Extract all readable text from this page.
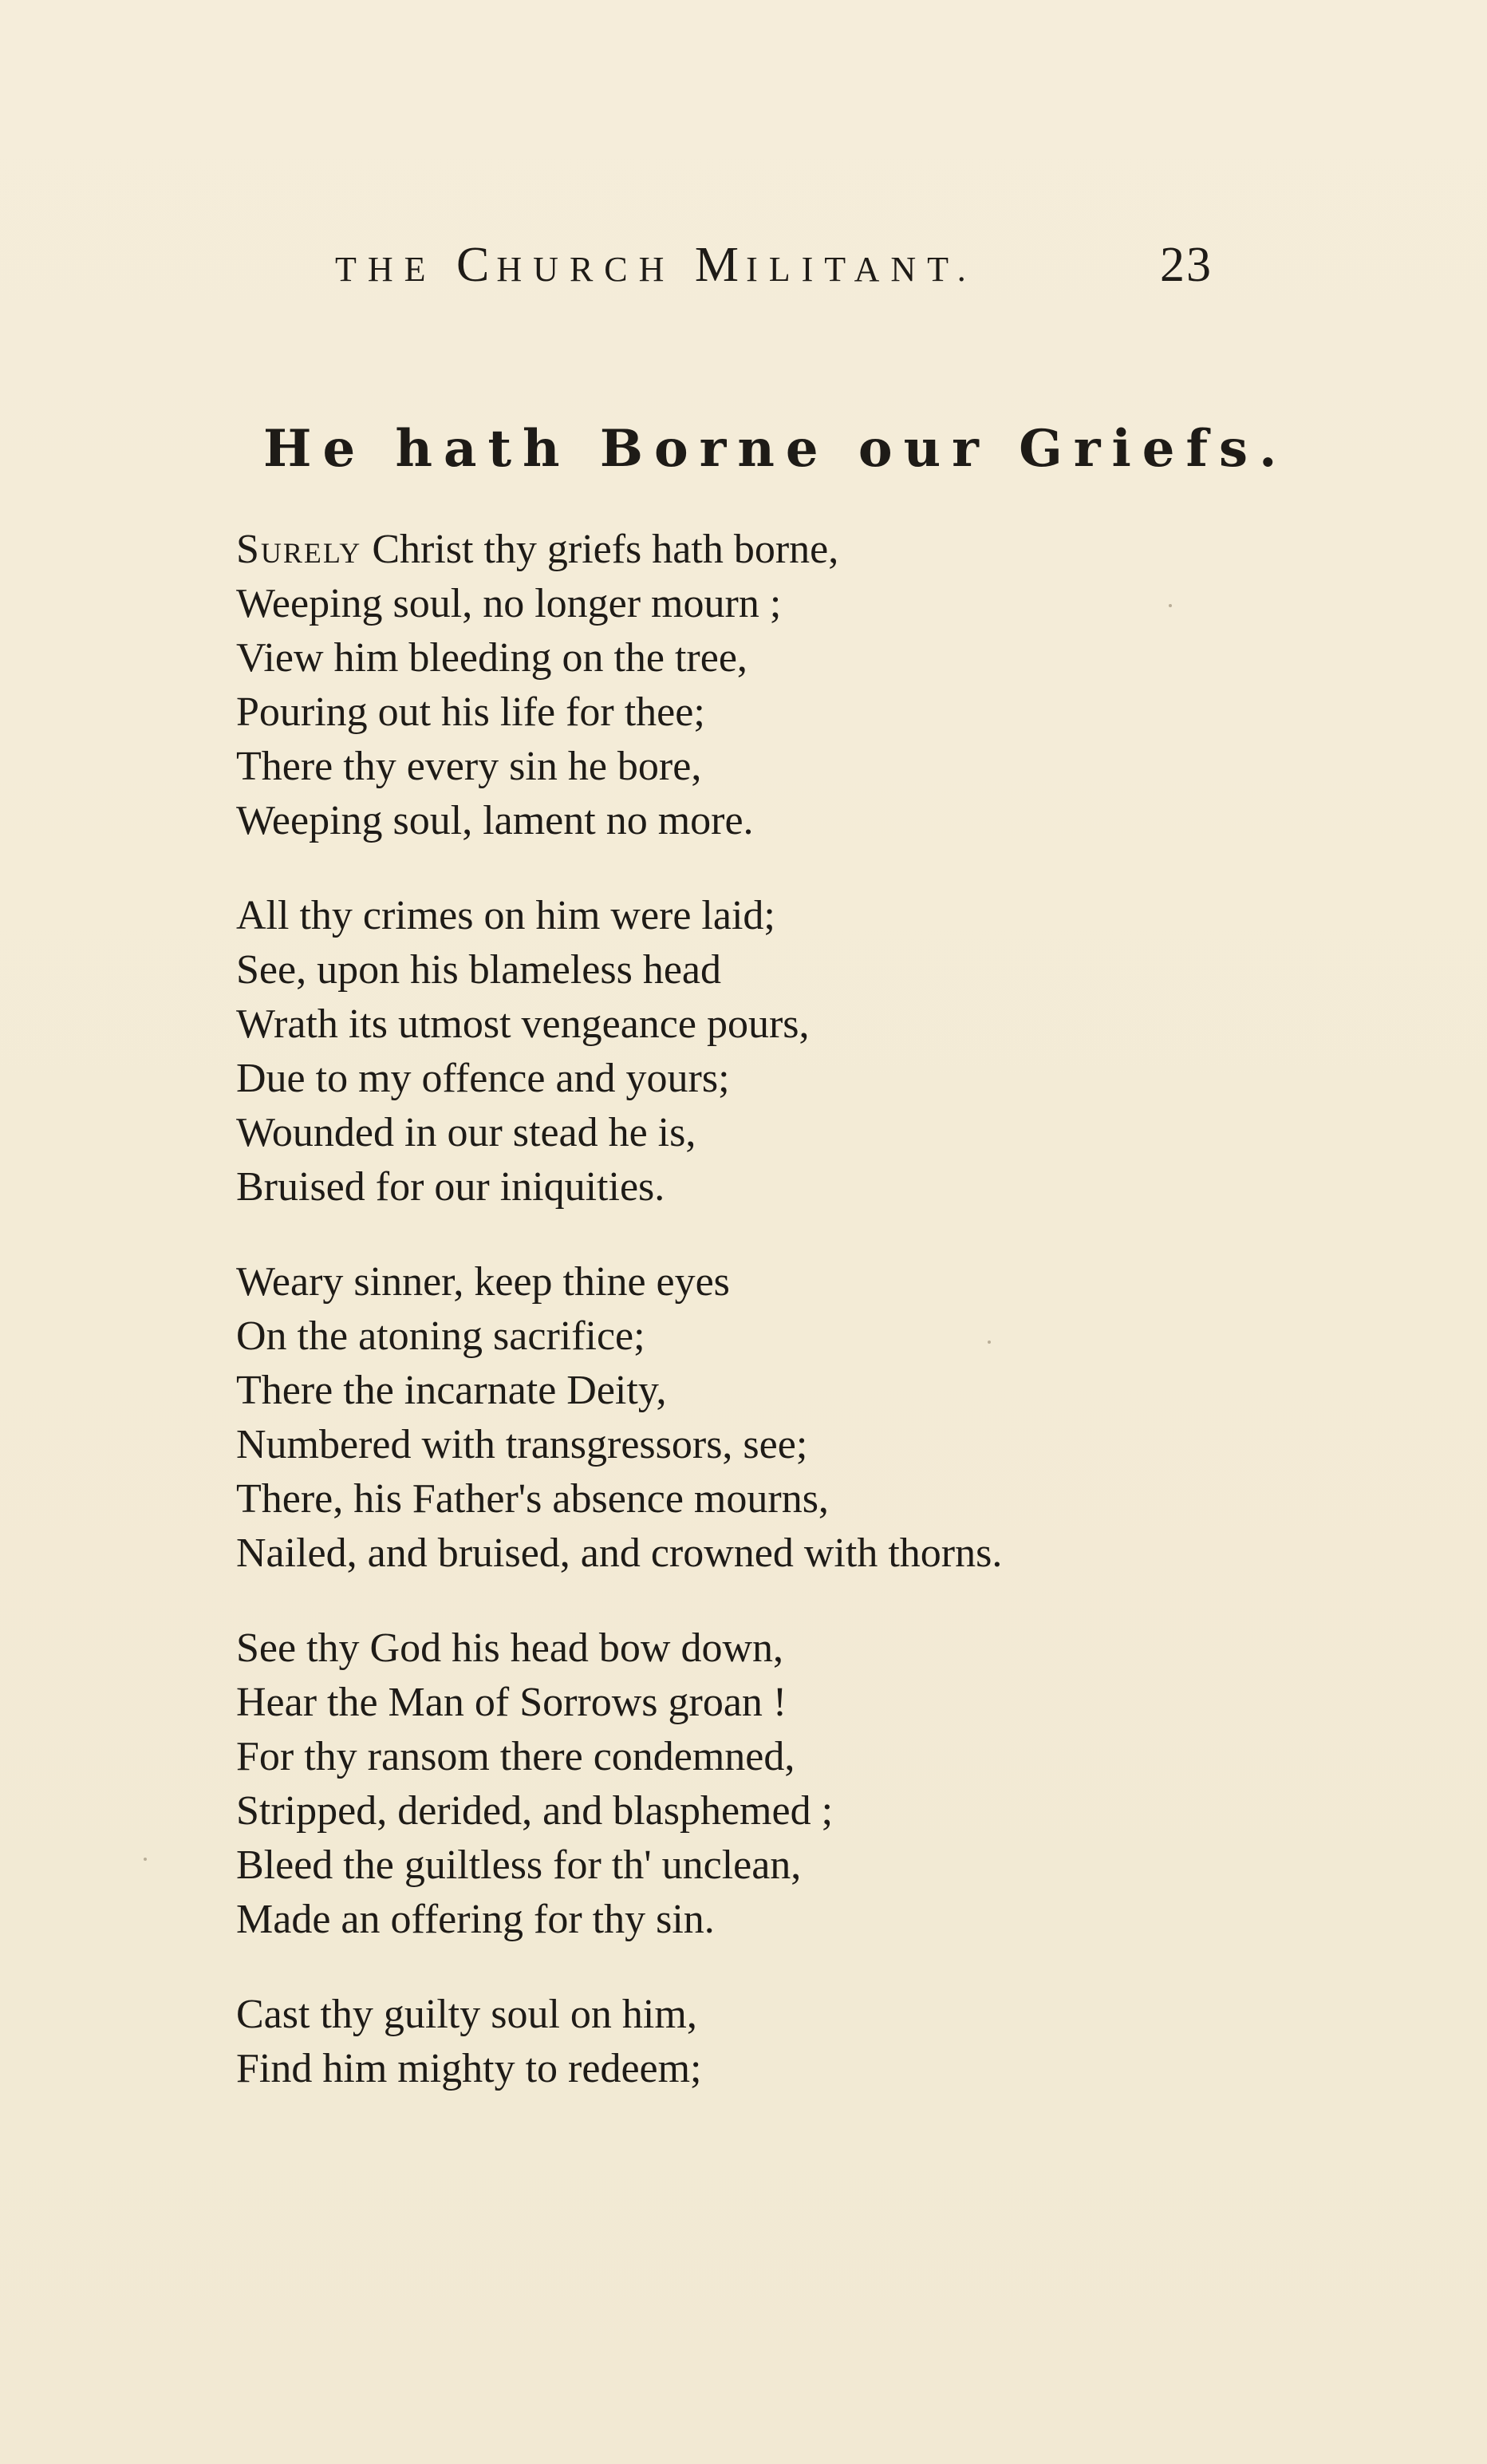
THE CHURCH MILITANT.	23
He hath Borne our Griefs.
Surely Christ thy griefs hath borne,
Weeping soul, no longer mourn ;
View him bleeding on the tree,
Pouring out his life for thee;
There thy every sin he bore,
Weeping soul, lament no more.
All thy crimes on him were laid;
See, upon his blameless head
Wrath its utmost vengeance pours,
Due to my offence and yours;
Wounded in our stead he is,
Bruised for our iniquities.
Weary sinner, keep thine eyes
On the atoning sacrifice;
There the incarnate Deity,
Numbered with transgressors, see;
There, his Father's absence mourns,
Nailed, and bruised, and crowned with thorns.
See thy God his head bow down,
Hear the Man of Sorrows groan !
For thy ransom there condemned,
Stripped, derided, and blasphemed ;
Bleed the guiltless for th' unclean,
Made an offering for thy sin.
Cast thy guilty soul on him,
Find him mighty to redeem;
